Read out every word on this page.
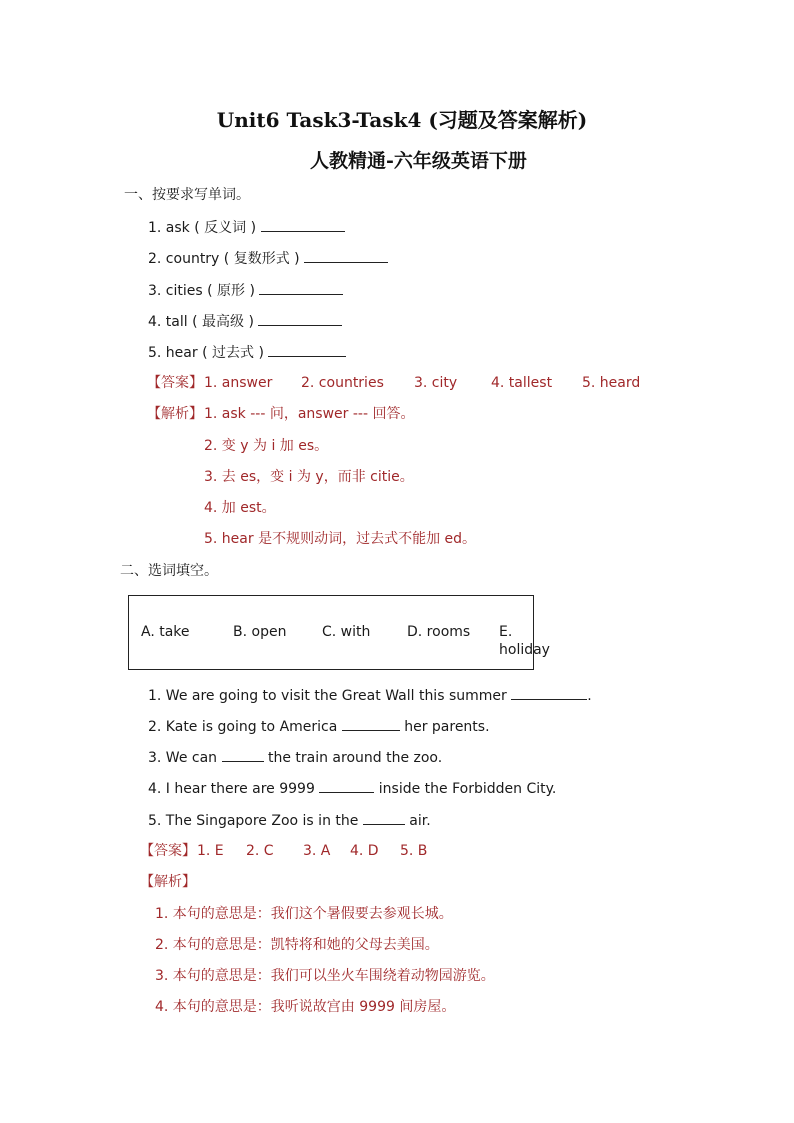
Unit6 Task3-Task4 (习题及答案解析)
人教精通-六年级英语下册
一、按要求写单词。
1. ask ( 反义词 )
2. country ( 复数形式 )
3. cities ( 原形 )
4. tall ( 最高级 )
5. hear ( 过去式 )
【答案】 1. answer 2. countries 3. city 4. tallest 5. heard
【解析】 1. ask --- 问，answer --- 回答。
2. 变 y 为 i 加 es。
3. 去 es，变 i 为 y，而非 citie。
4. 加 est。
5. hear 是不规则动词，过去式不能加 ed。
二、选词填空。
A. take	B. open	C. with	D. rooms E. holiday
1. We are going to visit the Great Wall this summer	.
2. Kate is going to America	her parents.
3. We can	the train around the zoo.
4. I hear there are 9999	inside the Forbidden City.
5. The Singapore Zoo is in the	air.
【答案】 1. E 2. C 3. A 4. D 5. B
【解析】
1. 本句的意思是：我们这个暑假要去参观长城。
2. 本句的意思是：凯特将和她的父母去美国。
3. 本句的意思是：我们可以坐火车围绕着动物园游览。
4. 本句的意思是：我听说故宫由 9999 间房屋。
